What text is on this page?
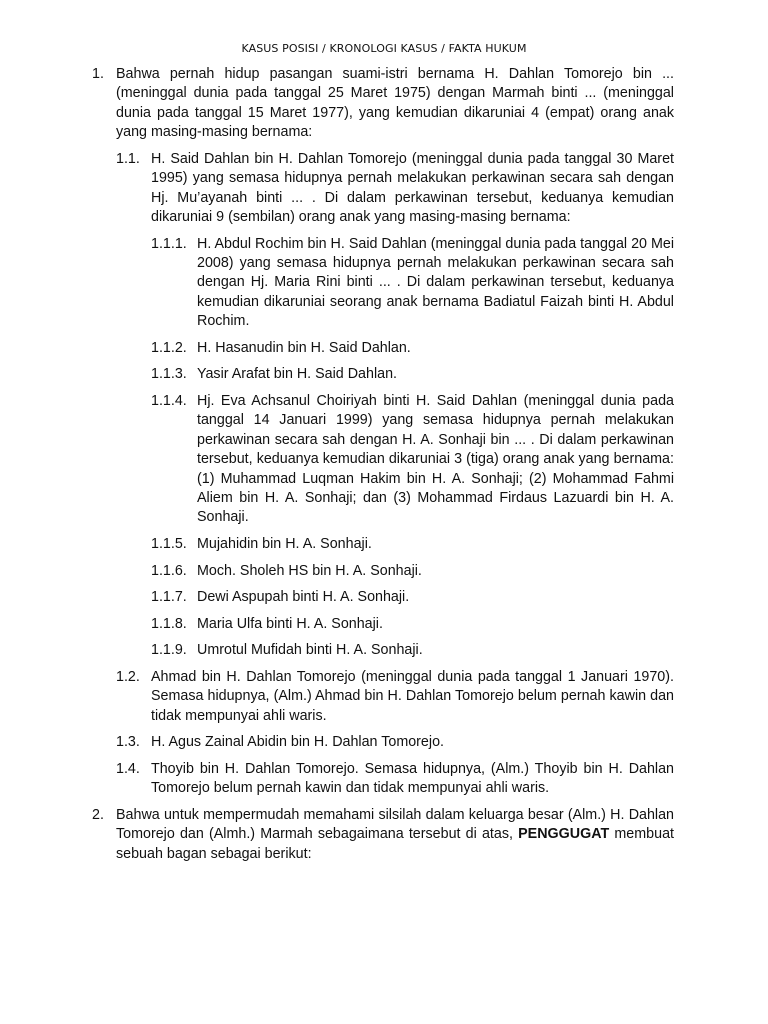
KASUS POSISI / KRONOLOGI KASUS / FAKTA HUKUM
1. Bahwa pernah hidup pasangan suami-istri bernama H. Dahlan Tomorejo bin ... (meninggal dunia pada tanggal 25 Maret 1975) dengan Marmah binti ... (meninggal dunia pada tanggal 15 Maret 1977), yang kemudian dikaruniai 4 (empat) orang anak yang masing-masing bernama:
1.1. H. Said Dahlan bin H. Dahlan Tomorejo (meninggal dunia pada tanggal 30 Maret 1995) yang semasa hidupnya pernah melakukan perkawinan secara sah dengan Hj. Mu’ayanah binti ... . Di dalam perkawinan tersebut, keduanya kemudian dikaruniai 9 (sembilan) orang anak yang masing-masing bernama:
1.1.1. H. Abdul Rochim bin H. Said Dahlan (meninggal dunia pada tanggal 20 Mei 2008) yang semasa hidupnya pernah melakukan perkawinan secara sah dengan Hj. Maria Rini binti ... . Di dalam perkawinan tersebut, keduanya kemudian dikaruniai seorang anak bernama Badiatul Faizah binti H. Abdul Rochim.
1.1.2. H. Hasanudin bin H. Said Dahlan.
1.1.3. Yasir Arafat bin H. Said Dahlan.
1.1.4. Hj. Eva Achsanul Choiriyah binti H. Said Dahlan (meninggal dunia pada tanggal 14 Januari 1999) yang semasa hidupnya pernah melakukan perkawinan secara sah dengan H. A. Sonhaji bin ... . Di dalam perkawinan tersebut, keduanya kemudian dikaruniai 3 (tiga) orang anak yang bernama: (1) Muhammad Luqman Hakim bin H. A. Sonhaji; (2) Mohammad Fahmi Aliem bin H. A. Sonhaji; dan (3) Mohammad Firdaus Lazuardi bin H. A. Sonhaji.
1.1.5. Mujahidin bin H. A. Sonhaji.
1.1.6. Moch. Sholeh HS bin H. A. Sonhaji.
1.1.7. Dewi Aspupah binti H. A. Sonhaji.
1.1.8. Maria Ulfa binti H. A. Sonhaji.
1.1.9. Umrotul Mufidah binti H. A. Sonhaji.
1.2. Ahmad bin H. Dahlan Tomorejo (meninggal dunia pada tanggal 1 Januari 1970). Semasa hidupnya, (Alm.) Ahmad bin H. Dahlan Tomorejo belum pernah kawin dan tidak mempunyai ahli waris.
1.3. H. Agus Zainal Abidin bin H. Dahlan Tomorejo.
1.4. Thoyib bin H. Dahlan Tomorejo. Semasa hidupnya, (Alm.) Thoyib bin H. Dahlan Tomorejo belum pernah kawin dan tidak mempunyai ahli waris.
2. Bahwa untuk mempermudah memahami silsilah dalam keluarga besar (Alm.) H. Dahlan Tomorejo dan (Almh.) Marmah sebagaimana tersebut di atas, PENGGUGAT membuat sebuah bagan sebagai berikut:
